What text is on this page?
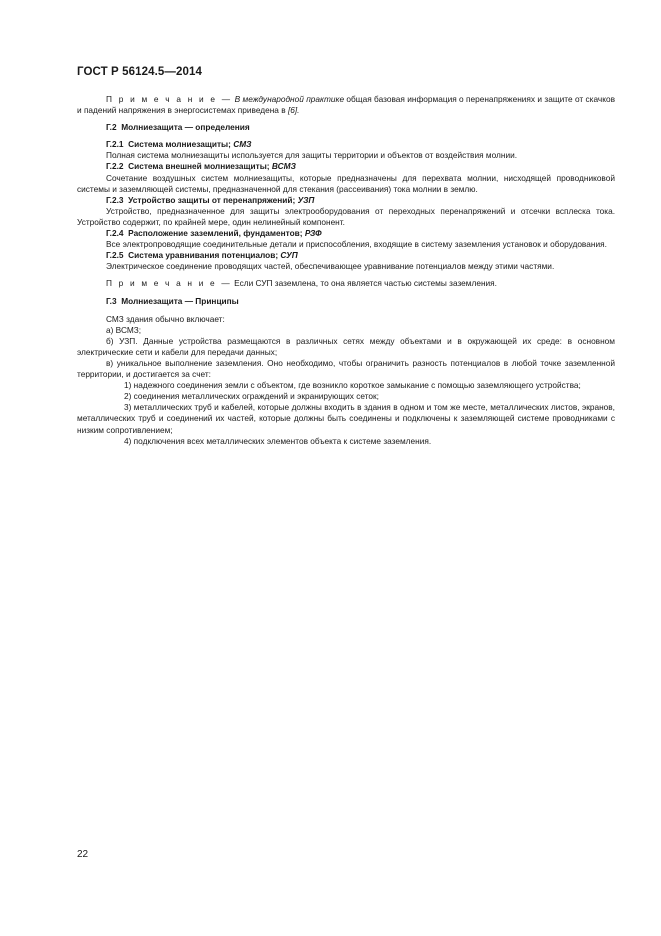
ГОСТ Р 56124.5—2014

П р и м е ч а н и е — В международной практике общая базовая информация о перенапряжениях и защите от скачков и падений напряжения в энергосистемах приведена в [6].

Г.2 Молниезащита — определения

Г.2.1 Система молниезащиты; СМЗ

Полная система молниезащиты используется для защиты территории и объектов от воздействия молнии.

Г.2.2 Система внешней молниезащиты; ВСМЗ

Сочетание воздушных систем молниезащиты, которые предназначены для перехвата молнии, нисходящей проводниковой системы и заземляющей системы, предназначенной для стекания (рассеивания) тока молнии в землю.

Г.2.3 Устройство защиты от перенапряжений; УЗП

Устройство, предназначенное для защиты электрооборудования от переходных перенапряжений и отсечки всплеска тока. Устройство содержит, по крайней мере, один нелинейный компонент.

Г.2.4 Расположение заземлений, фундаментов; РЗФ

Все электропроводящие соединительные детали и приспособления, входящие в систему заземления установок и оборудования.

Г.2.5 Система уравнивания потенциалов; СУП

Электрическое соединение проводящих частей, обеспечивающее уравнивание потенциалов между этими частями.

П р и м е ч а н и е — Если СУП заземлена, то она является частью системы заземления.

Г.3 Молниезащита — Принципы

СМЗ здания обычно включает:

а) ВСМЗ;

б) УЗП. Данные устройства размещаются в различных сетях между объектами и в окружающей их среде: в основном электрические сети и кабели для передачи данных;

в) уникальное выполнение заземления. Оно необходимо, чтобы ограничить разность потенциалов в любой точке заземленной территории, и достигается за счет:

1) надежного соединения земли с объектом, где возникло короткое замыкание с помощью заземляющего устройства;

2) соединения металлических ограждений и экранирующих сеток;

3) металлических труб и кабелей, которые должны входить в здания в одном и том же месте, металлических листов, экранов, металлических труб и соединений их частей, которые должны быть соединены и подключены к заземляющей системе проводниками с низким сопротивлением;

4) подключения всех металлических элементов объекта к системе заземления.

22
